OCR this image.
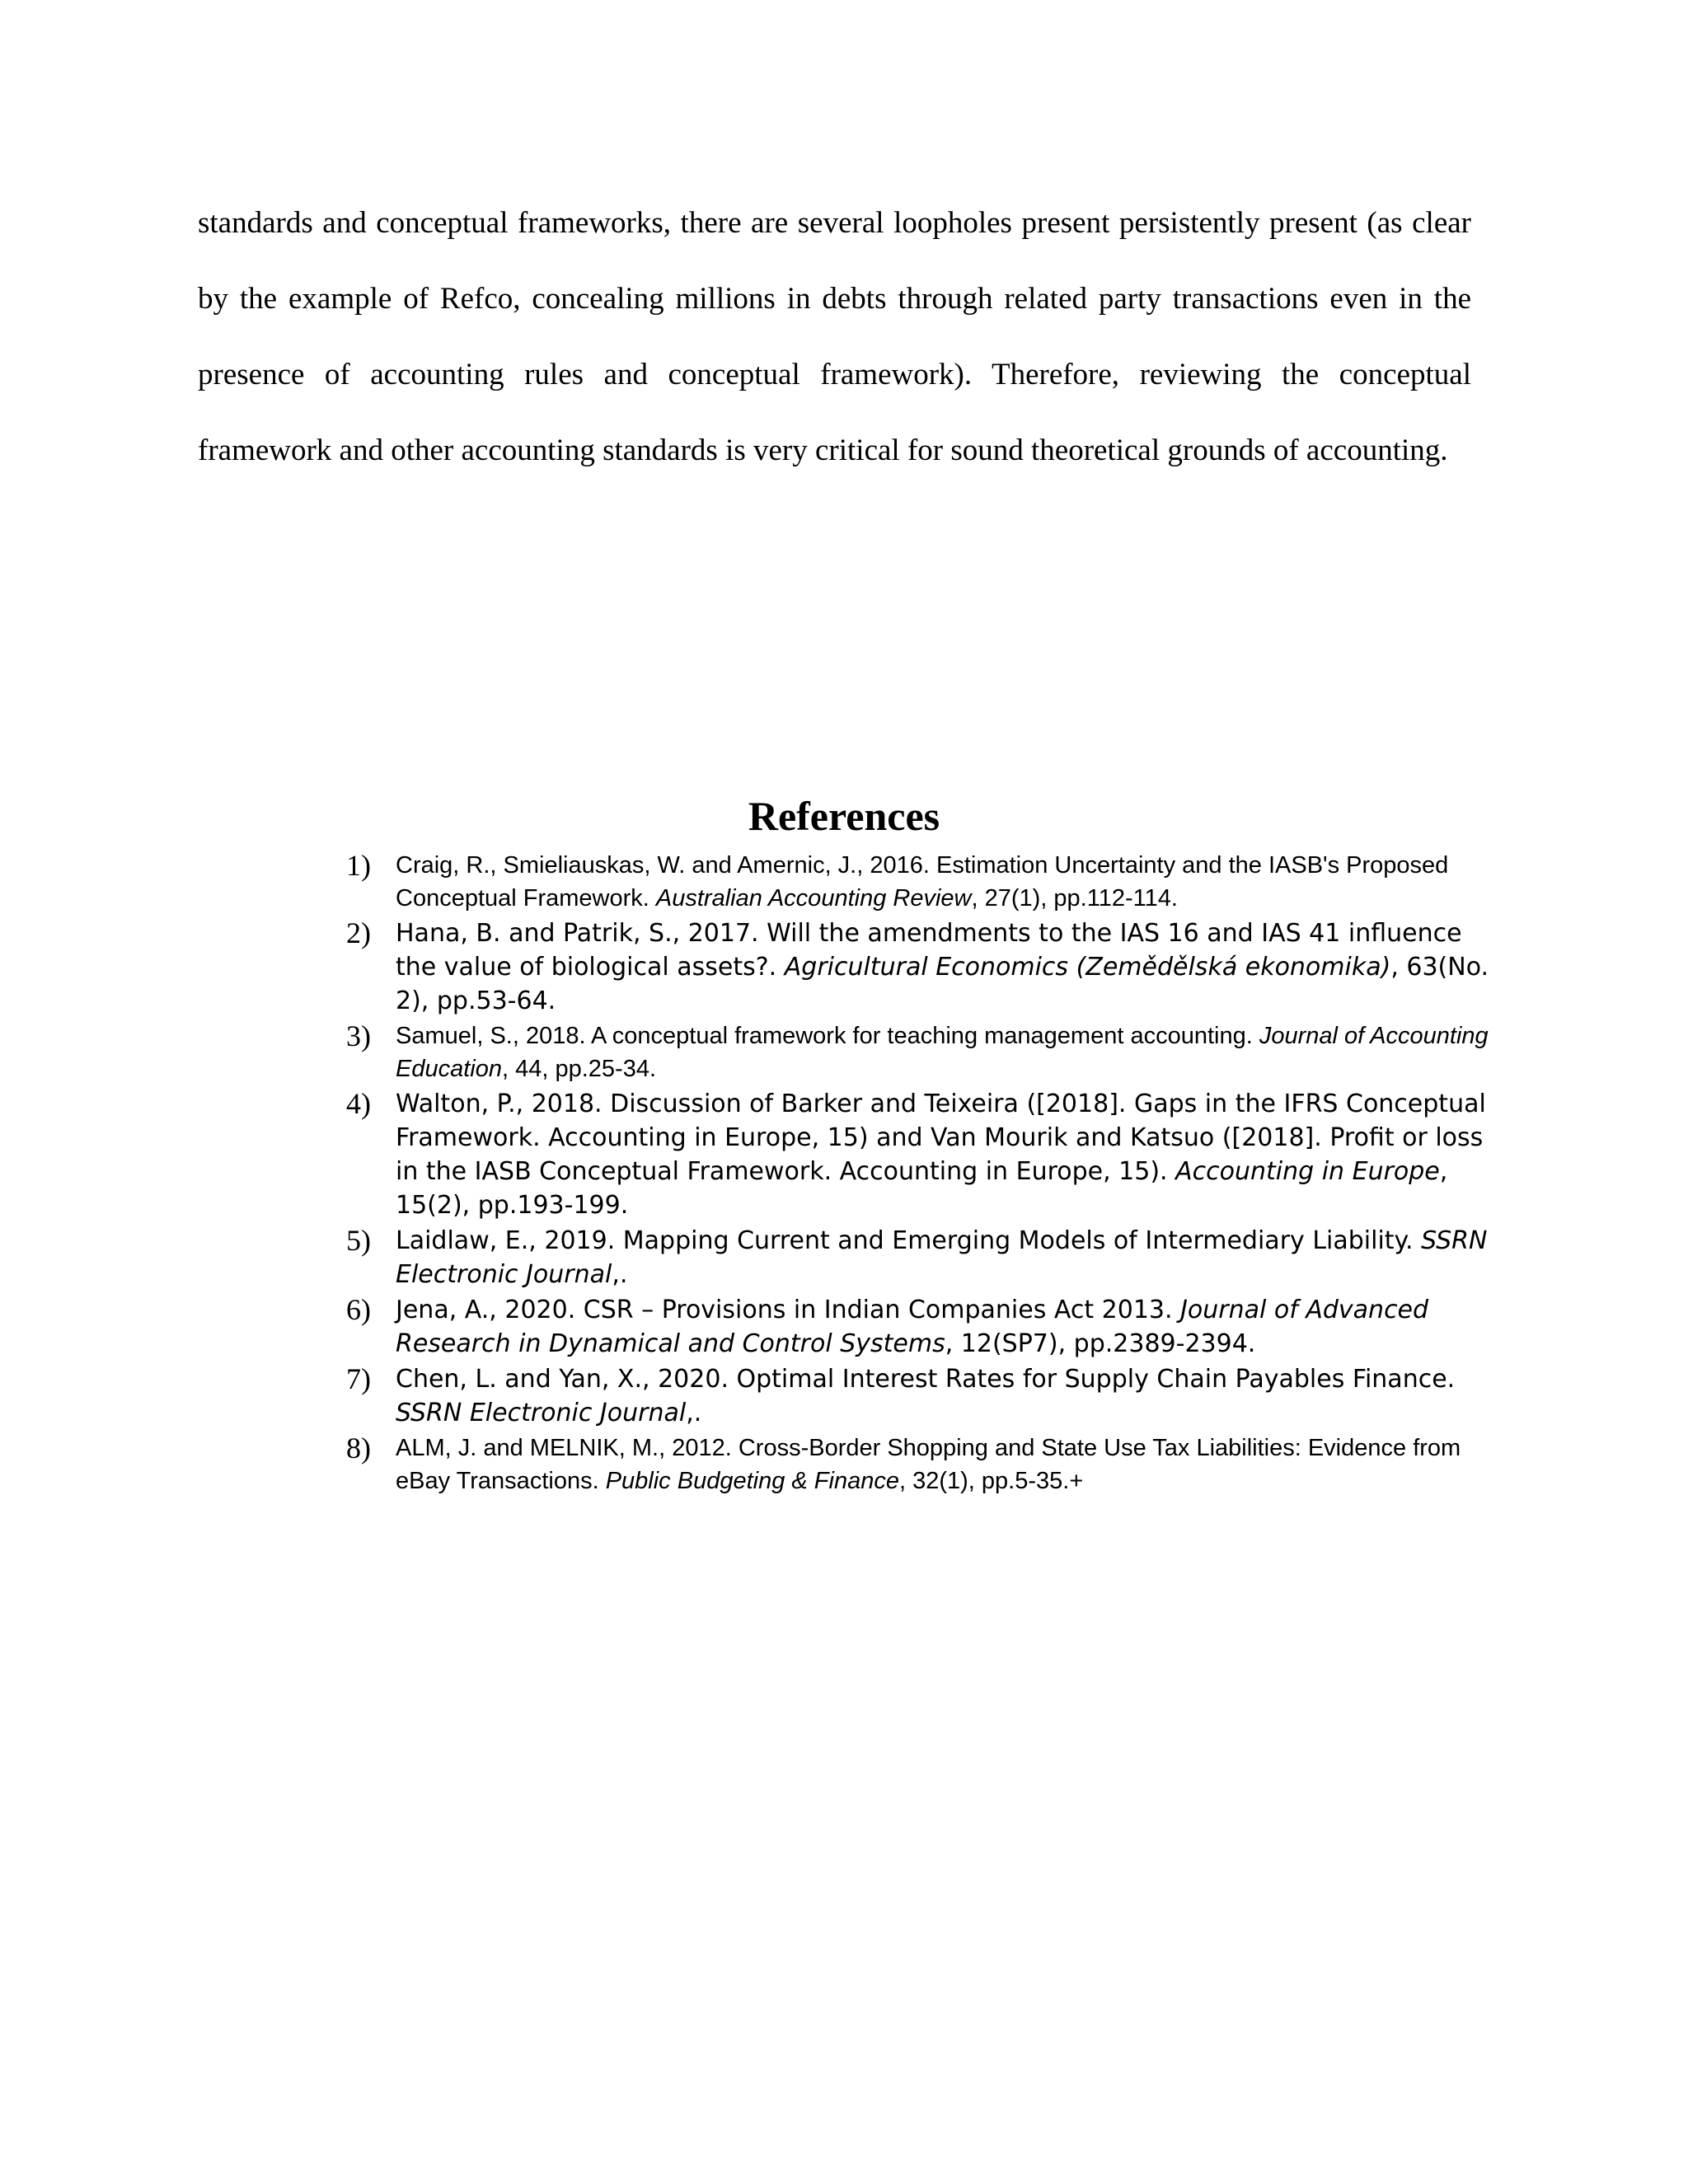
standards and conceptual frameworks, there are several loopholes present persistently present (as clear by the example of Refco, concealing millions in debts through related party transactions even in the presence of accounting rules and conceptual framework). Therefore, reviewing the conceptual framework and other accounting standards is very critical for sound theoretical grounds of accounting.

References
1) Craig, R., Smieliauskas, W. and Amernic, J., 2016. Estimation Uncertainty and the IASB's Proposed Conceptual Framework. Australian Accounting Review, 27(1), pp.112-114.
2) Hana, B. and Patrik, S., 2017. Will the amendments to the IAS 16 and IAS 41 influence the value of biological assets?. Agricultural Economics (Zemědělská ekonomika), 63(No. 2), pp.53-64.
3) Samuel, S., 2018. A conceptual framework for teaching management accounting. Journal of Accounting Education, 44, pp.25-34.
4) Walton, P., 2018. Discussion of Barker and Teixeira ([2018]. Gaps in the IFRS Conceptual Framework. Accounting in Europe, 15) and Van Mourik and Katsuo ([2018]. Profit or loss in the IASB Conceptual Framework. Accounting in Europe, 15). Accounting in Europe, 15(2), pp.193-199.
5) Laidlaw, E., 2019. Mapping Current and Emerging Models of Intermediary Liability. SSRN Electronic Journal,.
6) Jena, A., 2020. CSR – Provisions in Indian Companies Act 2013. Journal of Advanced Research in Dynamical and Control Systems, 12(SP7), pp.2389-2394.
7) Chen, L. and Yan, X., 2020. Optimal Interest Rates for Supply Chain Payables Finance. SSRN Electronic Journal,.
8) ALM, J. and MELNIK, M., 2012. Cross-Border Shopping and State Use Tax Liabilities: Evidence from eBay Transactions. Public Budgeting & Finance, 32(1), pp.5-35.+
